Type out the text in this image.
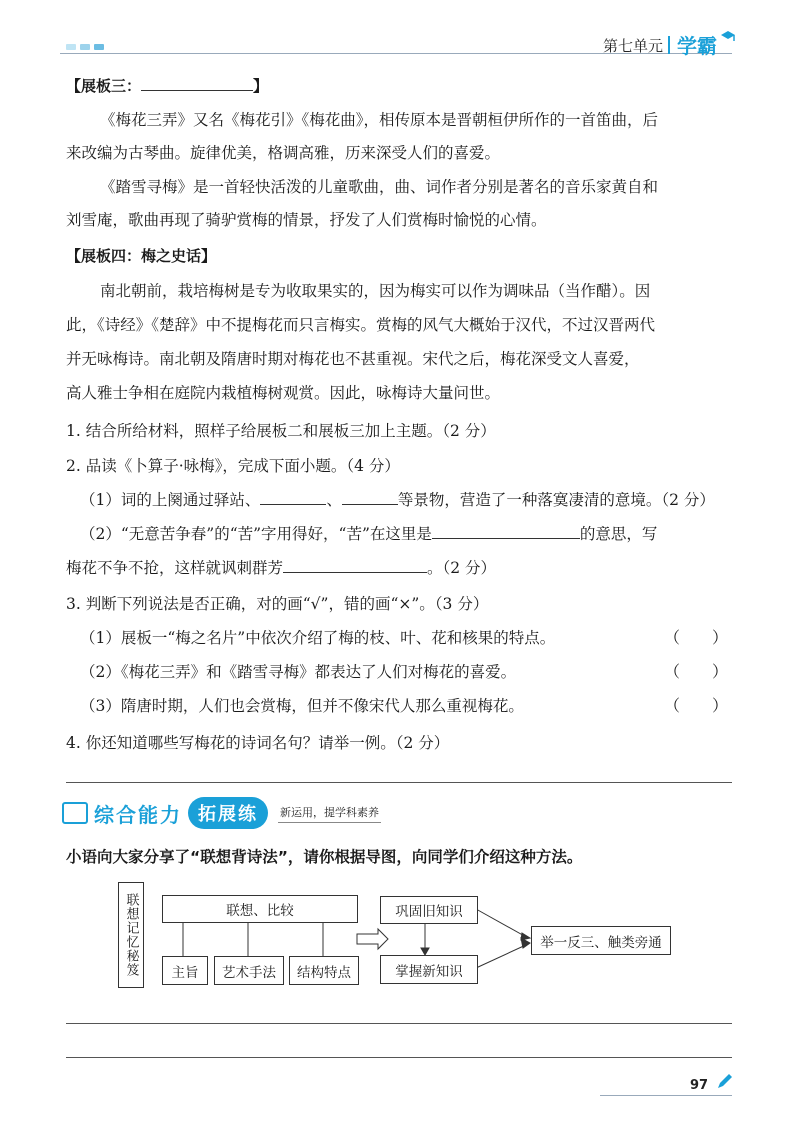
第七单元 学霸
【展板三：	】
《梅花三弄》又名《梅花引》《梅花曲》，相传原本是晋朝桓伊所作的一首笛曲，后
来改编为古琴曲。旋律优美，格调高雅，历来深受人们的喜爱。
《踏雪寻梅》是一首轻快活泼的儿童歌曲，曲、词作者分别是著名的音乐家黄自和
刘雪庵，歌曲再现了骑驴赏梅的情景，抒发了人们赏梅时愉悦的心情。
【展板四：梅之史话】
南北朝前，栽培梅树是专为收取果实的，因为梅实可以作为调味品（当作醋）。因
此，《诗经》《楚辞》中不提梅花而只言梅实。赏梅的风气大概始于汉代，不过汉晋两代
并无咏梅诗。南北朝及隋唐时期对梅花也不甚重视。宋代之后，梅花深受文人喜爱，
高人雅士争相在庭院内栽植梅树观赏。因此，咏梅诗大量问世。
1. 结合所给材料，照样子给展板二和展板三加上主题。（2 分）
2. 品读《卜算子·咏梅》，完成下面小题。（4 分）
（1）词的上阕通过驿站、	、	等景物，营造了一种落寞凄清的意境。（2 分）
（2）“无意苦争春”的“苦”字用得好，“苦”在这里是	的意思，写
梅花不争不抢，这样就讽刺群芳	。（2 分）
3. 判断下列说法是否正确，对的画“√”，错的画“×”。（3 分）
（1）展板一“梅之名片”中依次介绍了梅的枝、叶、花和核果的特点。	（　　）
（2）《梅花三弄》和《踏雪寻梅》都表达了人们对梅花的喜爱。	（　　）
（3）隋唐时期，人们也会赏梅，但并不像宋代人那么重视梅花。	（　　）
4. 你还知道哪些写梅花的诗词名句？请举一例。（2 分）
综合能力 拓展练	新运用，提学科素养
小语向大家分享了“联想背诗法”，请你根据导图，向同学们介绍这种方法。
联想记忆秘笈	联想、比较
主旨	艺术手法	结构特点
巩固旧知识
掌握新知识
举一反三、触类旁通
97
